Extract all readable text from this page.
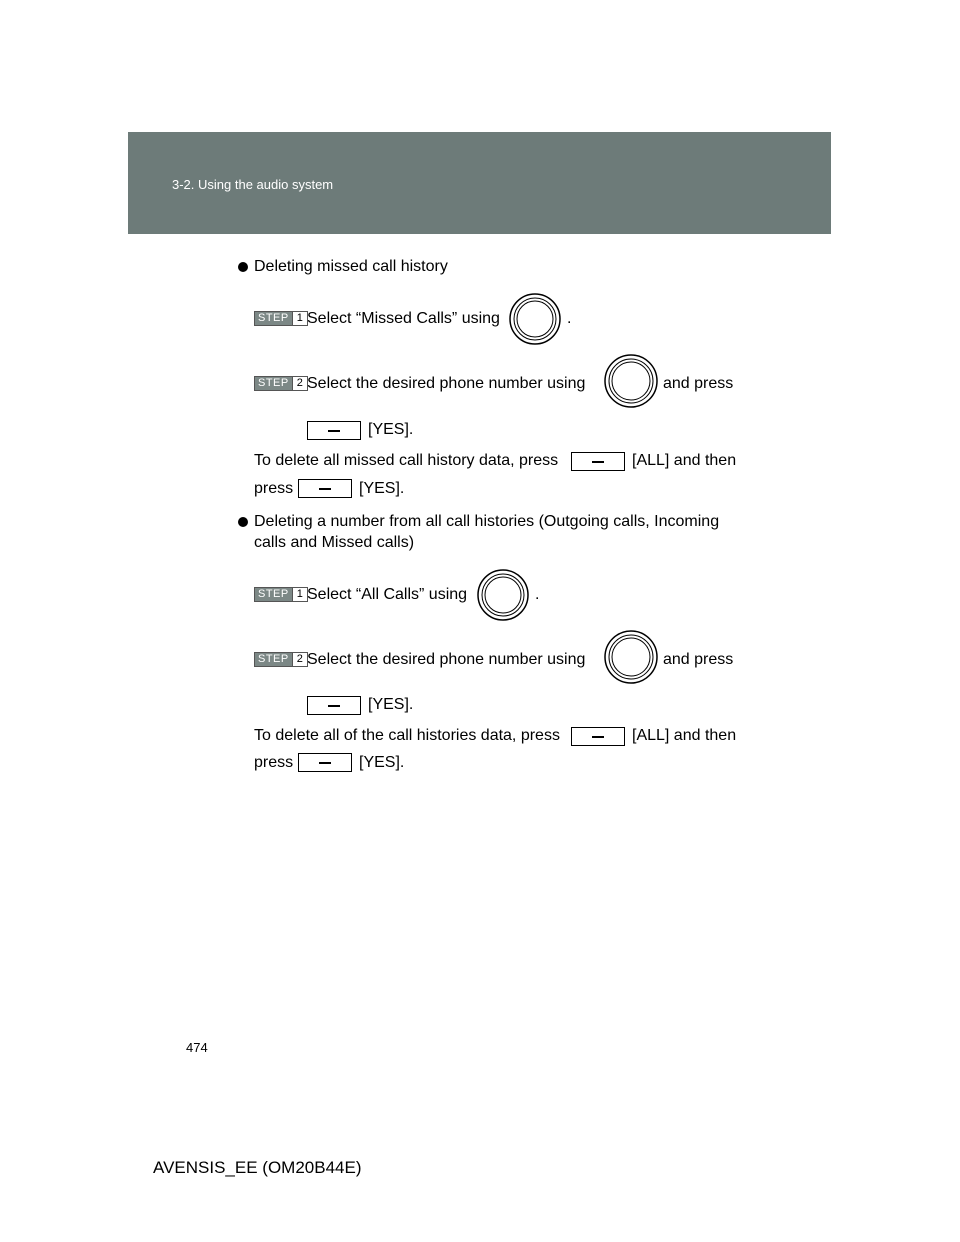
3-2. Using the audio system
Deleting missed call history
STEP 1 Select “Missed Calls” using	.
STEP 2 Select the desired phone number using	and press
[YES].
To delete all missed call history data, press	[ALL] and then
press	[YES].
Deleting a number from all call histories (Outgoing calls, Incoming
calls and Missed calls)
STEP 1 Select “All Calls” using	.
STEP 2 Select the desired phone number using	and press
[YES].
To delete all of the call histories data, press	[ALL] and then
press	[YES].
474
AVENSIS_EE (OM20B44E)
